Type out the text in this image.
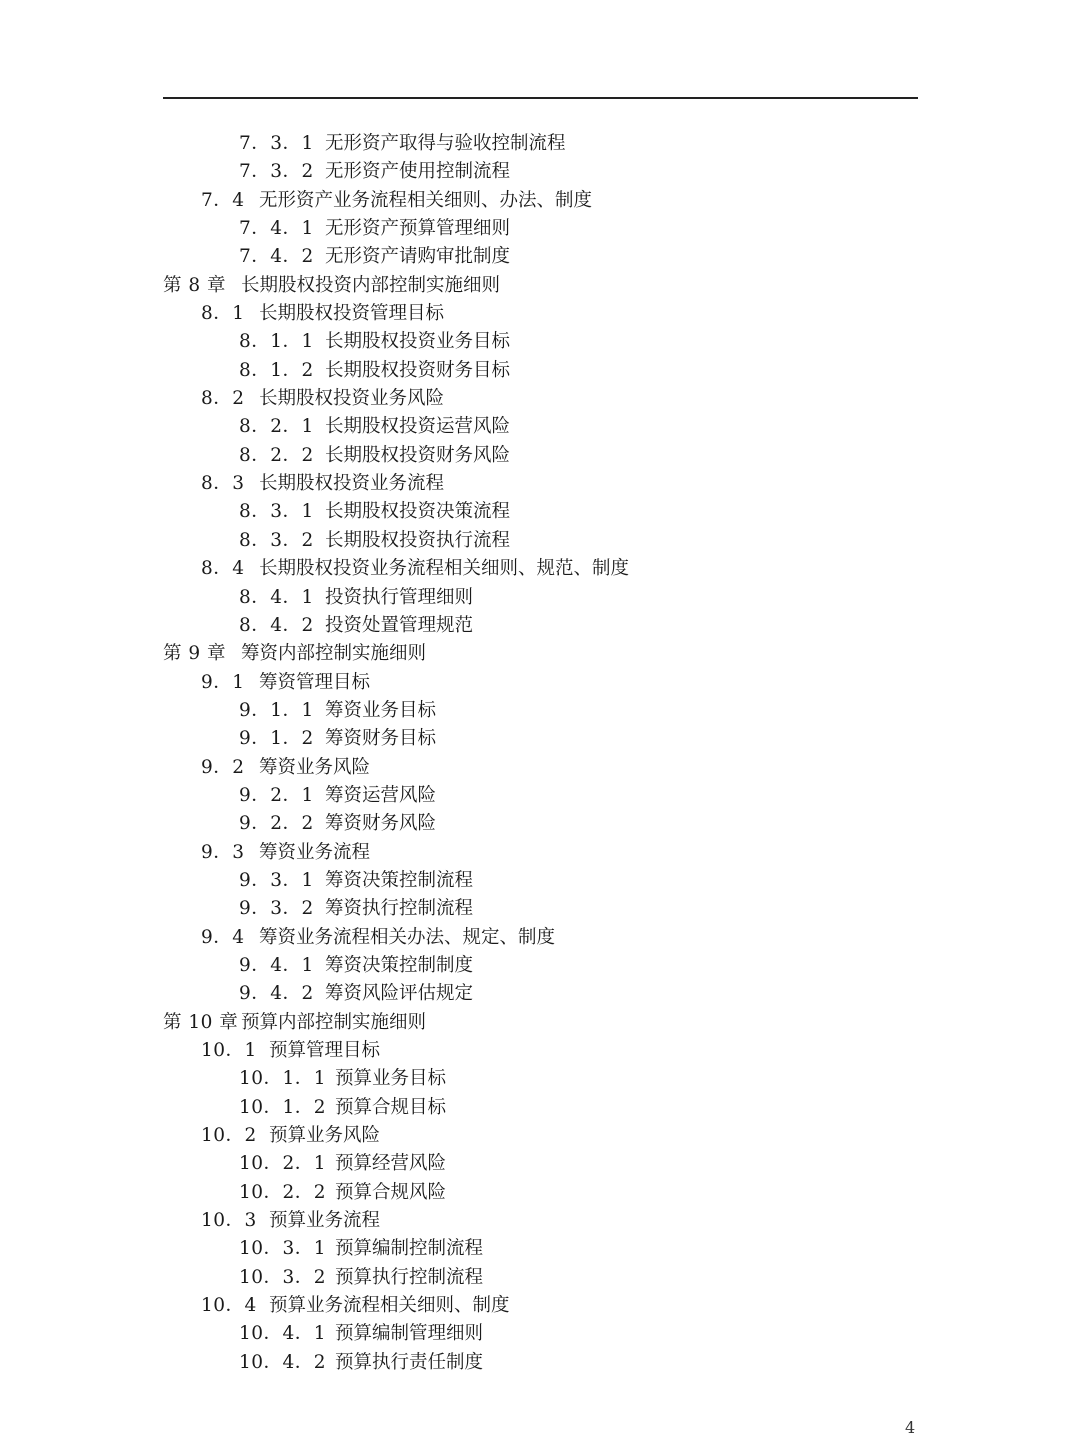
7．3．1 无形资产取得与验收控制流程
7．3．2 无形资产使用控制流程
7．4 无形资产业务流程相关细则、办法、制度
7．4．1 无形资产预算管理细则
7．4．2 无形资产请购审批制度
第 8 章 长期股权投资内部控制实施细则
8．1 长期股权投资管理目标
8．1．1 长期股权投资业务目标
8．1．2 长期股权投资财务目标
8．2 长期股权投资业务风险
8．2．1 长期股权投资运营风险
8．2．2 长期股权投资财务风险
8．3 长期股权投资业务流程
8．3．1 长期股权投资决策流程
8．3．2 长期股权投资执行流程
8．4 长期股权投资业务流程相关细则、规范、制度
8．4．1 投资执行管理细则
8．4．2 投资处置管理规范
第 9 章 筹资内部控制实施细则
9．1 筹资管理目标
9．1．1 筹资业务目标
9．1．2 筹资财务目标
9．2 筹资业务风险
9．2．1 筹资运营风险
9．2．2 筹资财务风险
9．3 筹资业务流程
9．3．1 筹资决策控制流程
9．3．2 筹资执行控制流程
9．4 筹资业务流程相关办法、规定、制度
9．4．1 筹资决策控制制度
9．4．2 筹资风险评估规定
第 10 章 预算内部控制实施细则
10．1 预算管理目标
10．1．1 预算业务目标
10．1．2 预算合规目标
10．2 预算业务风险
10．2．1 预算经营风险
10．2．2 预算合规风险
10．3 预算业务流程
10．3．1 预算编制控制流程
10．3．2 预算执行控制流程
10．4 预算业务流程相关细则、制度
10．4．1 预算编制管理细则
10．4．2 预算执行责任制度
4
